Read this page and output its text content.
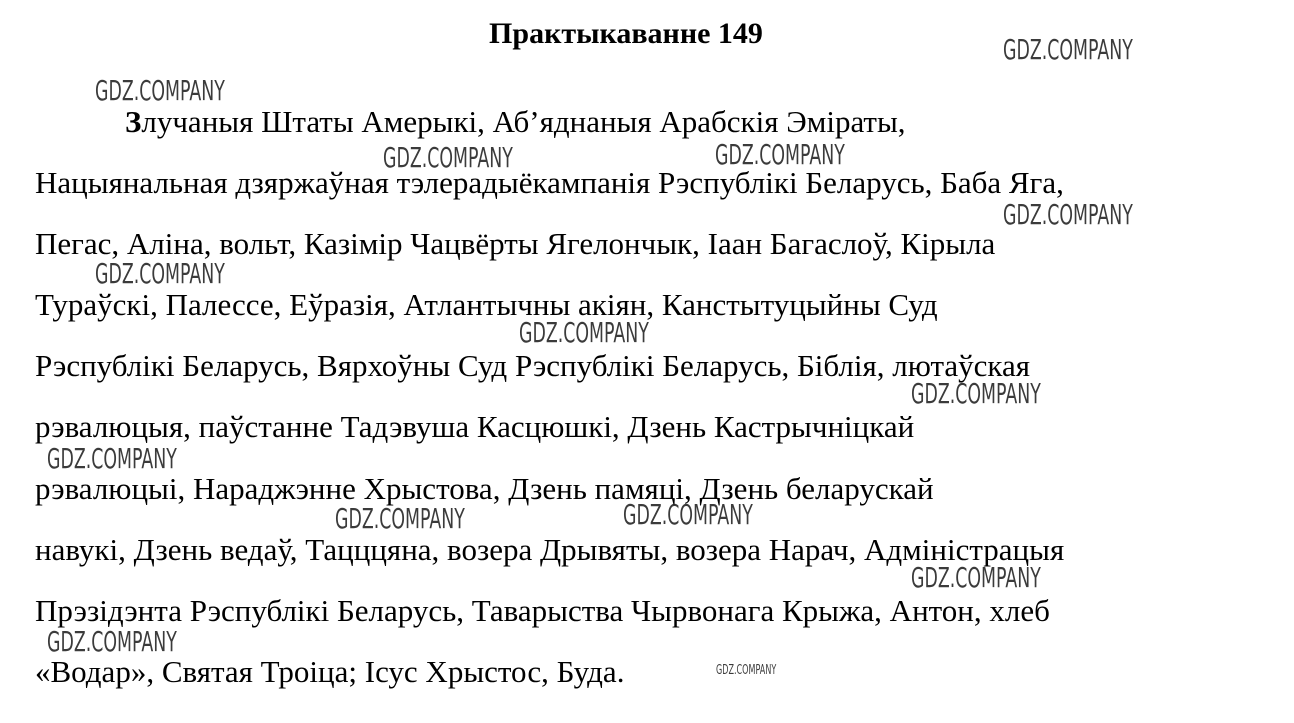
Практыкаванне 149
Злучаныя Штаты Амерыкі, Аб’яднаныя Арабскія Эміраты,
Нацыянальная дзяржаўная тэлерадыёкампанія Рэспублікі Беларусь, Баба Яга,
Пегас, Аліна, вольт, Казімір Чацвёрты Ягелончык, Іаан Багаслоў, Кірыла
Тураўскі, Палессе, Еўразія, Атлантычны акіян, Канстытуцыйны Суд
Рэспублікі Беларусь, Вярхоўны Суд Рэспублікі Беларусь, Біблія, лютаўская
рэвалюцыя, паўстанне Тадэвуша Касцюшкі, Дзень Кастрычніцкай
рэвалюцыі, Нараджэнне Хрыстова, Дзень памяці, Дзень беларускай
навукі, Дзень ведаў, Тацццяна, возера Дрывяты, возера Нарач, Адміністрацыя
Прэзідэнта Рэспублікі Беларусь, Таварыства Чырвонага Крыжа, Антон, хлеб
«Водар», Святая Троіца; Ісус Хрыстос, Буда.
GDZ.COMPANY
GDZ.COMPANY
GDZ.COMPANY	GDZ.COMPANY
GDZ.COMPANY
GDZ.COMPANY
GDZ.COMPANY
GDZ.COMPANY
GDZ.COMPANY
GDZ.COMPANY	GDZ.COMPANY
GDZ.COMPANY
GDZ.COMPANY
GDZ.COMPANY
